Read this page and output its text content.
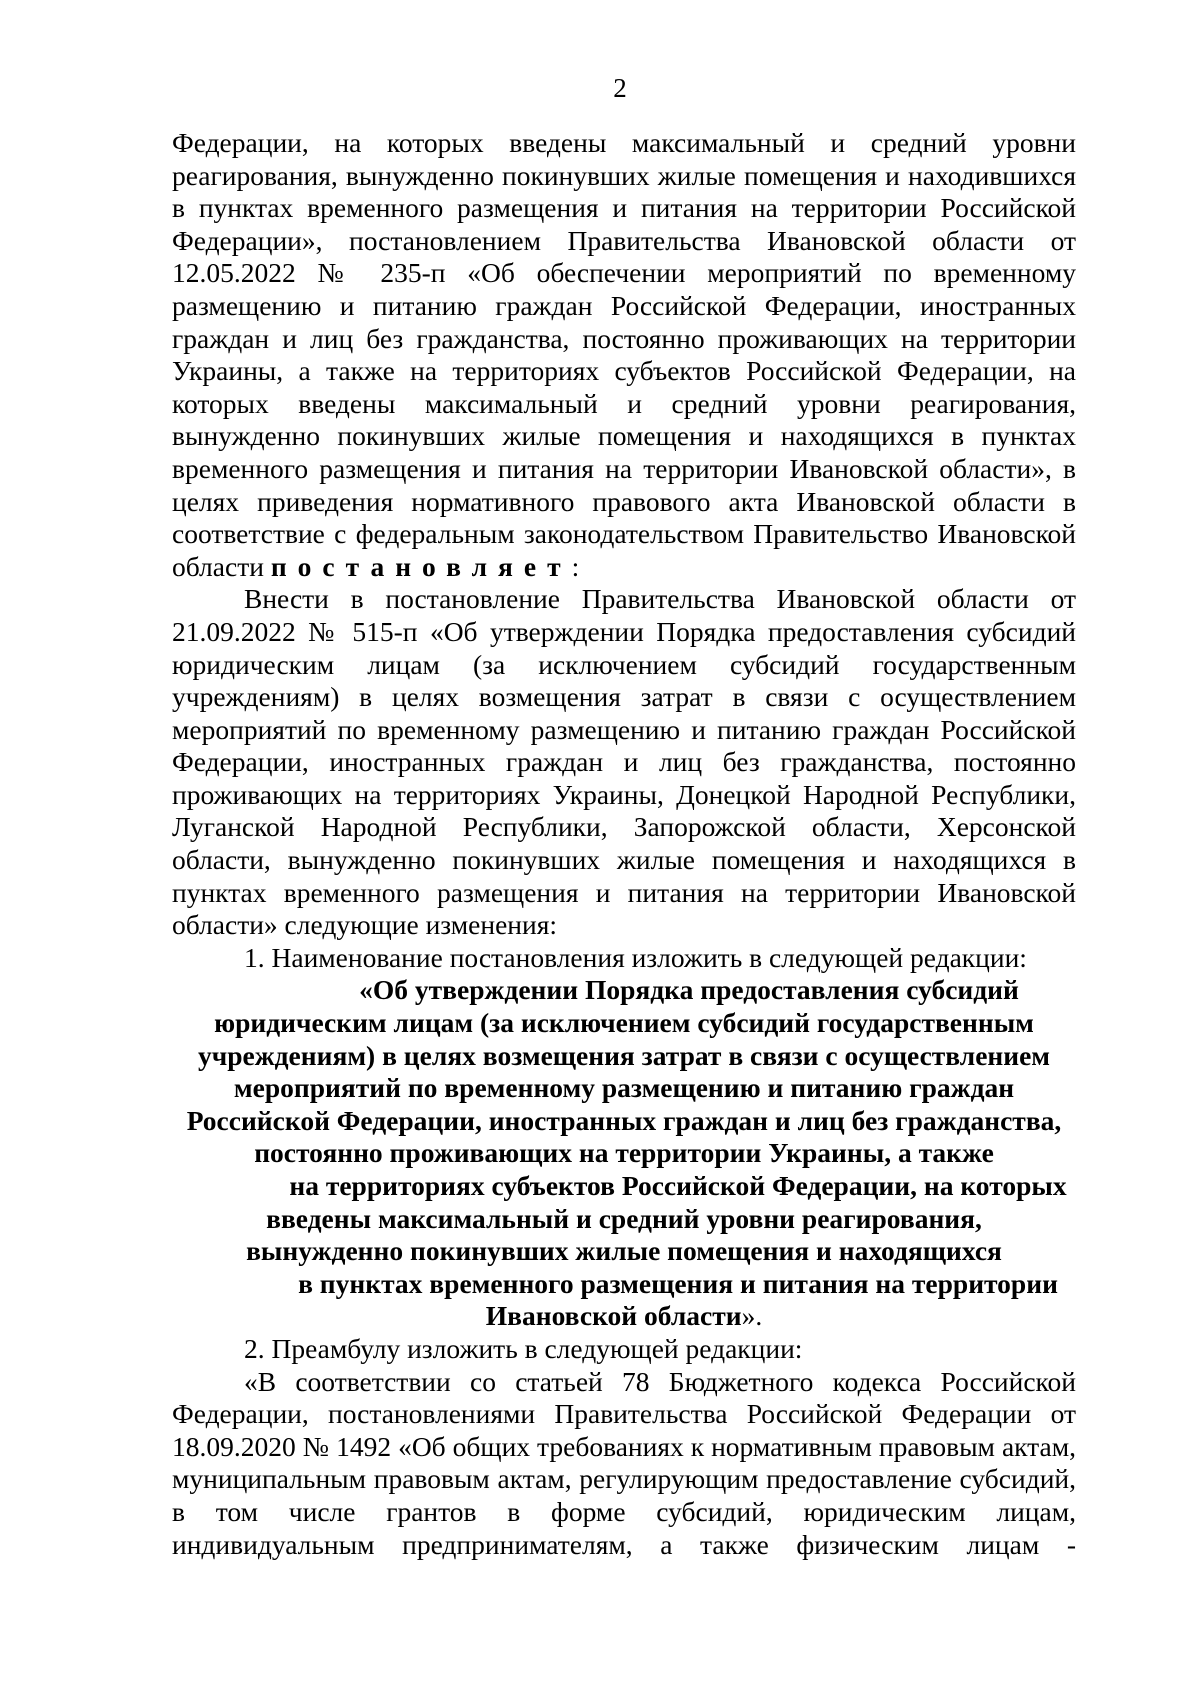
2

Федерации, на которых введены максимальный и средний уровни реагирования, вынужденно покинувших жилые помещения и находившихся в пунктах временного размещения и питания на территории Российской Федерации», постановлением Правительства Ивановской области от 12.05.2022 № 235-п «Об обеспечении мероприятий по временному размещению и питанию граждан Российской Федерации, иностранных граждан и лиц без гражданства, постоянно проживающих на территории Украины, а также на территориях субъектов Российской Федерации, на которых введены максимальный и средний уровни реагирования, вынужденно покинувших жилые помещения и находящихся в пунктах временного размещения и питания на территории Ивановской области», в целях приведения нормативного правового акта Ивановской области в соответствие с федеральным законодательством Правительство Ивановской области постановляет:

Внести в постановление Правительства Ивановской области от 21.09.2022 № 515-п «Об утверждении Порядка предоставления субсидий юридическим лицам (за исключением субсидий государственным учреждениям) в целях возмещения затрат в связи с осуществлением мероприятий по временному размещению и питанию граждан Российской Федерации, иностранных граждан и лиц без гражданства, постоянно проживающих на территориях Украины, Донецкой Народной Республики, Луганской Народной Республики, Запорожской области, Херсонской области, вынужденно покинувших жилые помещения и находящихся в пунктах временного размещения и питания на территории Ивановской области» следующие изменения:

1. Наименование постановления изложить в следующей редакции:

«Об утверждении Порядка предоставления субсидий
юридическим лицам (за исключением субсидий государственным
учреждениям) в целях возмещения затрат в связи с осуществлением
мероприятий по временному размещению и питанию граждан
Российской Федерации, иностранных граждан и лиц без гражданства,
постоянно проживающих на территории Украины, а также
на территориях субъектов Российской Федерации, на которых
введены максимальный и средний уровни реагирования,
вынужденно покинувших жилые помещения и находящихся
в пунктах временного размещения и питания на территории
Ивановской области».

2. Преамбулу изложить в следующей редакции:

«В соответствии со статьей 78 Бюджетного кодекса Российской Федерации, постановлениями Правительства Российской Федерации от 18.09.2020 № 1492 «Об общих требованиях к нормативным правовым актам, муниципальным правовым актам, регулирующим предоставление субсидий, в том числе грантов в форме субсидий, юридическим лицам, индивидуальным предпринимателям, а также физическим лицам -
